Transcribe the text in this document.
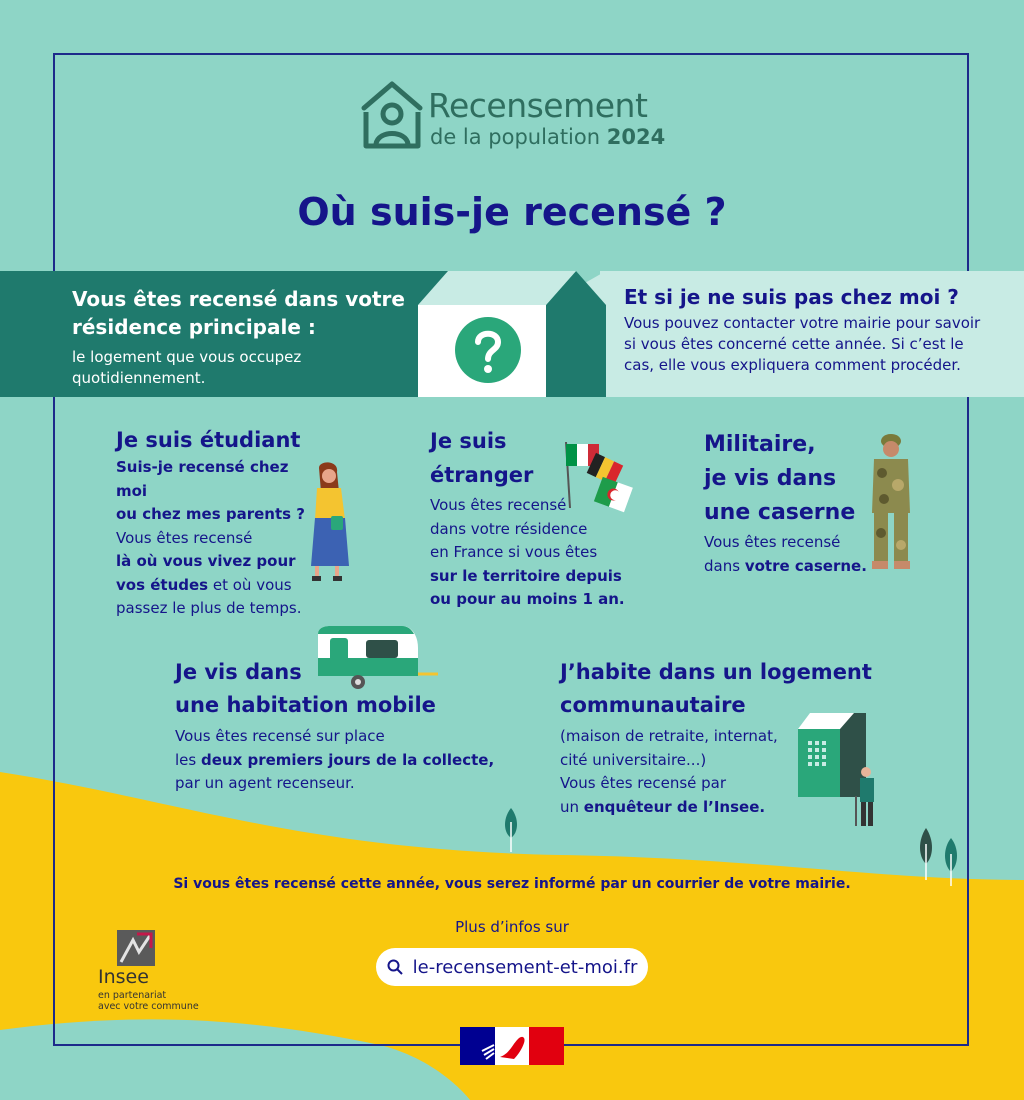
Recensement
de la population 2024
Où suis-je recensé ?
Vous êtes recensé dans votre résidence principale :
le logement que vous occupez quotidiennement.
Et si je ne suis pas chez moi ?
Vous pouvez contacter votre mairie pour savoir si vous êtes concerné cette année. Si c’est le cas, elle vous expliquera comment procéder.
Je suis étudiant
Suis-je recensé chez moi
ou chez mes parents ?
Vous êtes recensé
là où vous vivez pour
vos études et où vous
passez le plus de temps.
Je suis
étranger
Vous êtes recensé
dans votre résidence
en France si vous êtes
sur le territoire depuis
ou pour au moins 1 an.
Militaire,
je vis dans
une caserne
Vous êtes recensé
dans votre caserne.
Je vis dans
une habitation mobile
Vous êtes recensé sur place
les deux premiers jours de la collecte,
par un agent recenseur.
J’habite dans un logement
communautaire
(maison de retraite, internat,
cité universitaire...)
Vous êtes recensé par
un enquêteur de l’Insee.
Si vous êtes recensé cette année, vous serez informé par un courrier de votre mairie.
Plus d’infos sur
le-recensement-et-moi.fr
Insee
en partenariat
avec votre commune
